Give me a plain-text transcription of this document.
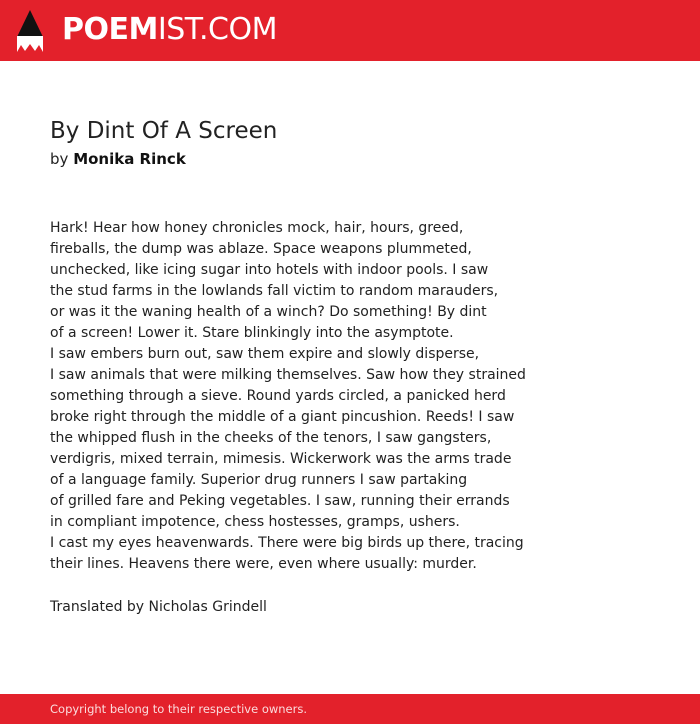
POEMIST.COM
By Dint Of A Screen
by Monika Rinck
Hark! Hear how honey chronicles mock, hair, hours, greed,
fireballs, the dump was ablaze. Space weapons plummeted,
unchecked, like icing sugar into hotels with indoor pools. I saw
the stud farms in the lowlands fall victim to random marauders,
or was it the waning health of a winch? Do something! By dint
of a screen! Lower it. Stare blinkingly into the asymptote.
I saw embers burn out, saw them expire and slowly disperse,
I saw animals that were milking themselves. Saw how they strained
something through a sieve. Round yards circled, a panicked herd
broke right through the middle of a giant pincushion. Reeds! I saw
the whipped flush in the cheeks of the tenors, I saw gangsters,
verdigris, mixed terrain, mimesis. Wickerwork was the arms trade
of a language family. Superior drug runners I saw partaking
of grilled fare and Peking vegetables. I saw, running their errands
in compliant impotence, chess hostesses, gramps, ushers.
I cast my eyes heavenwards. There were big birds up there, tracing
their lines. Heavens there were, even where usually: murder.
Translated by Nicholas Grindell
Copyright belong to their respective owners.
